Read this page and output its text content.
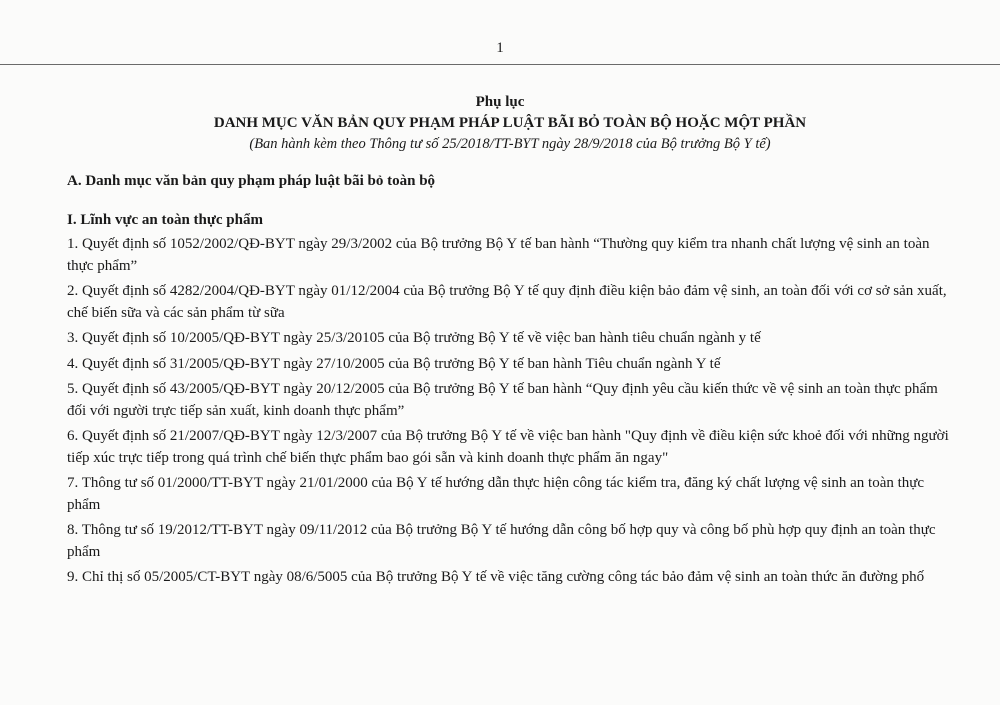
1
Phụ lục
DANH MỤC VĂN BẢN QUY PHẠM PHÁP LUẬT BÃI BỎ TOÀN BỘ HOẶC MỘT PHẦN
(Ban hành kèm theo Thông tư số 25/2018/TT-BYT ngày 28/9/2018 của Bộ trưởng Bộ Y tế)
A. Danh mục văn bản quy phạm pháp luật bãi bỏ toàn bộ
I. Lĩnh vực an toàn thực phẩm
1. Quyết định số 1052/2002/QĐ-BYT ngày 29/3/2002 của Bộ trưởng Bộ Y tế ban hành “Thường quy kiểm tra nhanh chất lượng vệ sinh an toàn thực phẩm”
2. Quyết định số 4282/2004/QĐ-BYT ngày 01/12/2004 của Bộ trưởng Bộ Y tế quy định điều kiện bảo đảm vệ sinh, an toàn đối với cơ sở sản xuất, chế biến sữa và các sản phẩm từ sữa
3. Quyết định số 10/2005/QĐ-BYT ngày 25/3/20105 của Bộ trưởng Bộ Y tế về việc ban hành tiêu chuẩn ngành y tế
4. Quyết định số 31/2005/QĐ-BYT ngày 27/10/2005 của Bộ trưởng Bộ Y tế ban hành Tiêu chuẩn ngành Y tế
5. Quyết định số 43/2005/QĐ-BYT ngày 20/12/2005 của Bộ trưởng Bộ Y tế ban hành “Quy định yêu cầu kiến thức về vệ sinh an toàn thực phẩm đối với người trực tiếp sản xuất, kinh doanh thực phẩm”
6. Quyết định số 21/2007/QĐ-BYT ngày 12/3/2007 của Bộ trưởng Bộ Y tế về việc ban hành "Quy định về điều kiện sức khoẻ đối với những người tiếp xúc trực tiếp trong quá trình chế biến thực phẩm bao gói sẵn và kinh doanh thực phẩm ăn ngay"
7. Thông tư số 01/2000/TT-BYT ngày 21/01/2000 của Bộ Y tế hướng dẫn thực hiện công tác kiểm tra, đăng ký chất lượng vệ sinh an toàn thực phẩm
8. Thông tư số 19/2012/TT-BYT ngày 09/11/2012 của Bộ trưởng Bộ Y tế hướng dẫn công bố hợp quy và công bố phù hợp quy định an toàn thực phẩm
9. Chỉ thị số 05/2005/CT-BYT ngày 08/6/5005 của Bộ trưởng Bộ Y tế về việc tăng cường công tác bảo đảm vệ sinh an toàn thức ăn đường phố
